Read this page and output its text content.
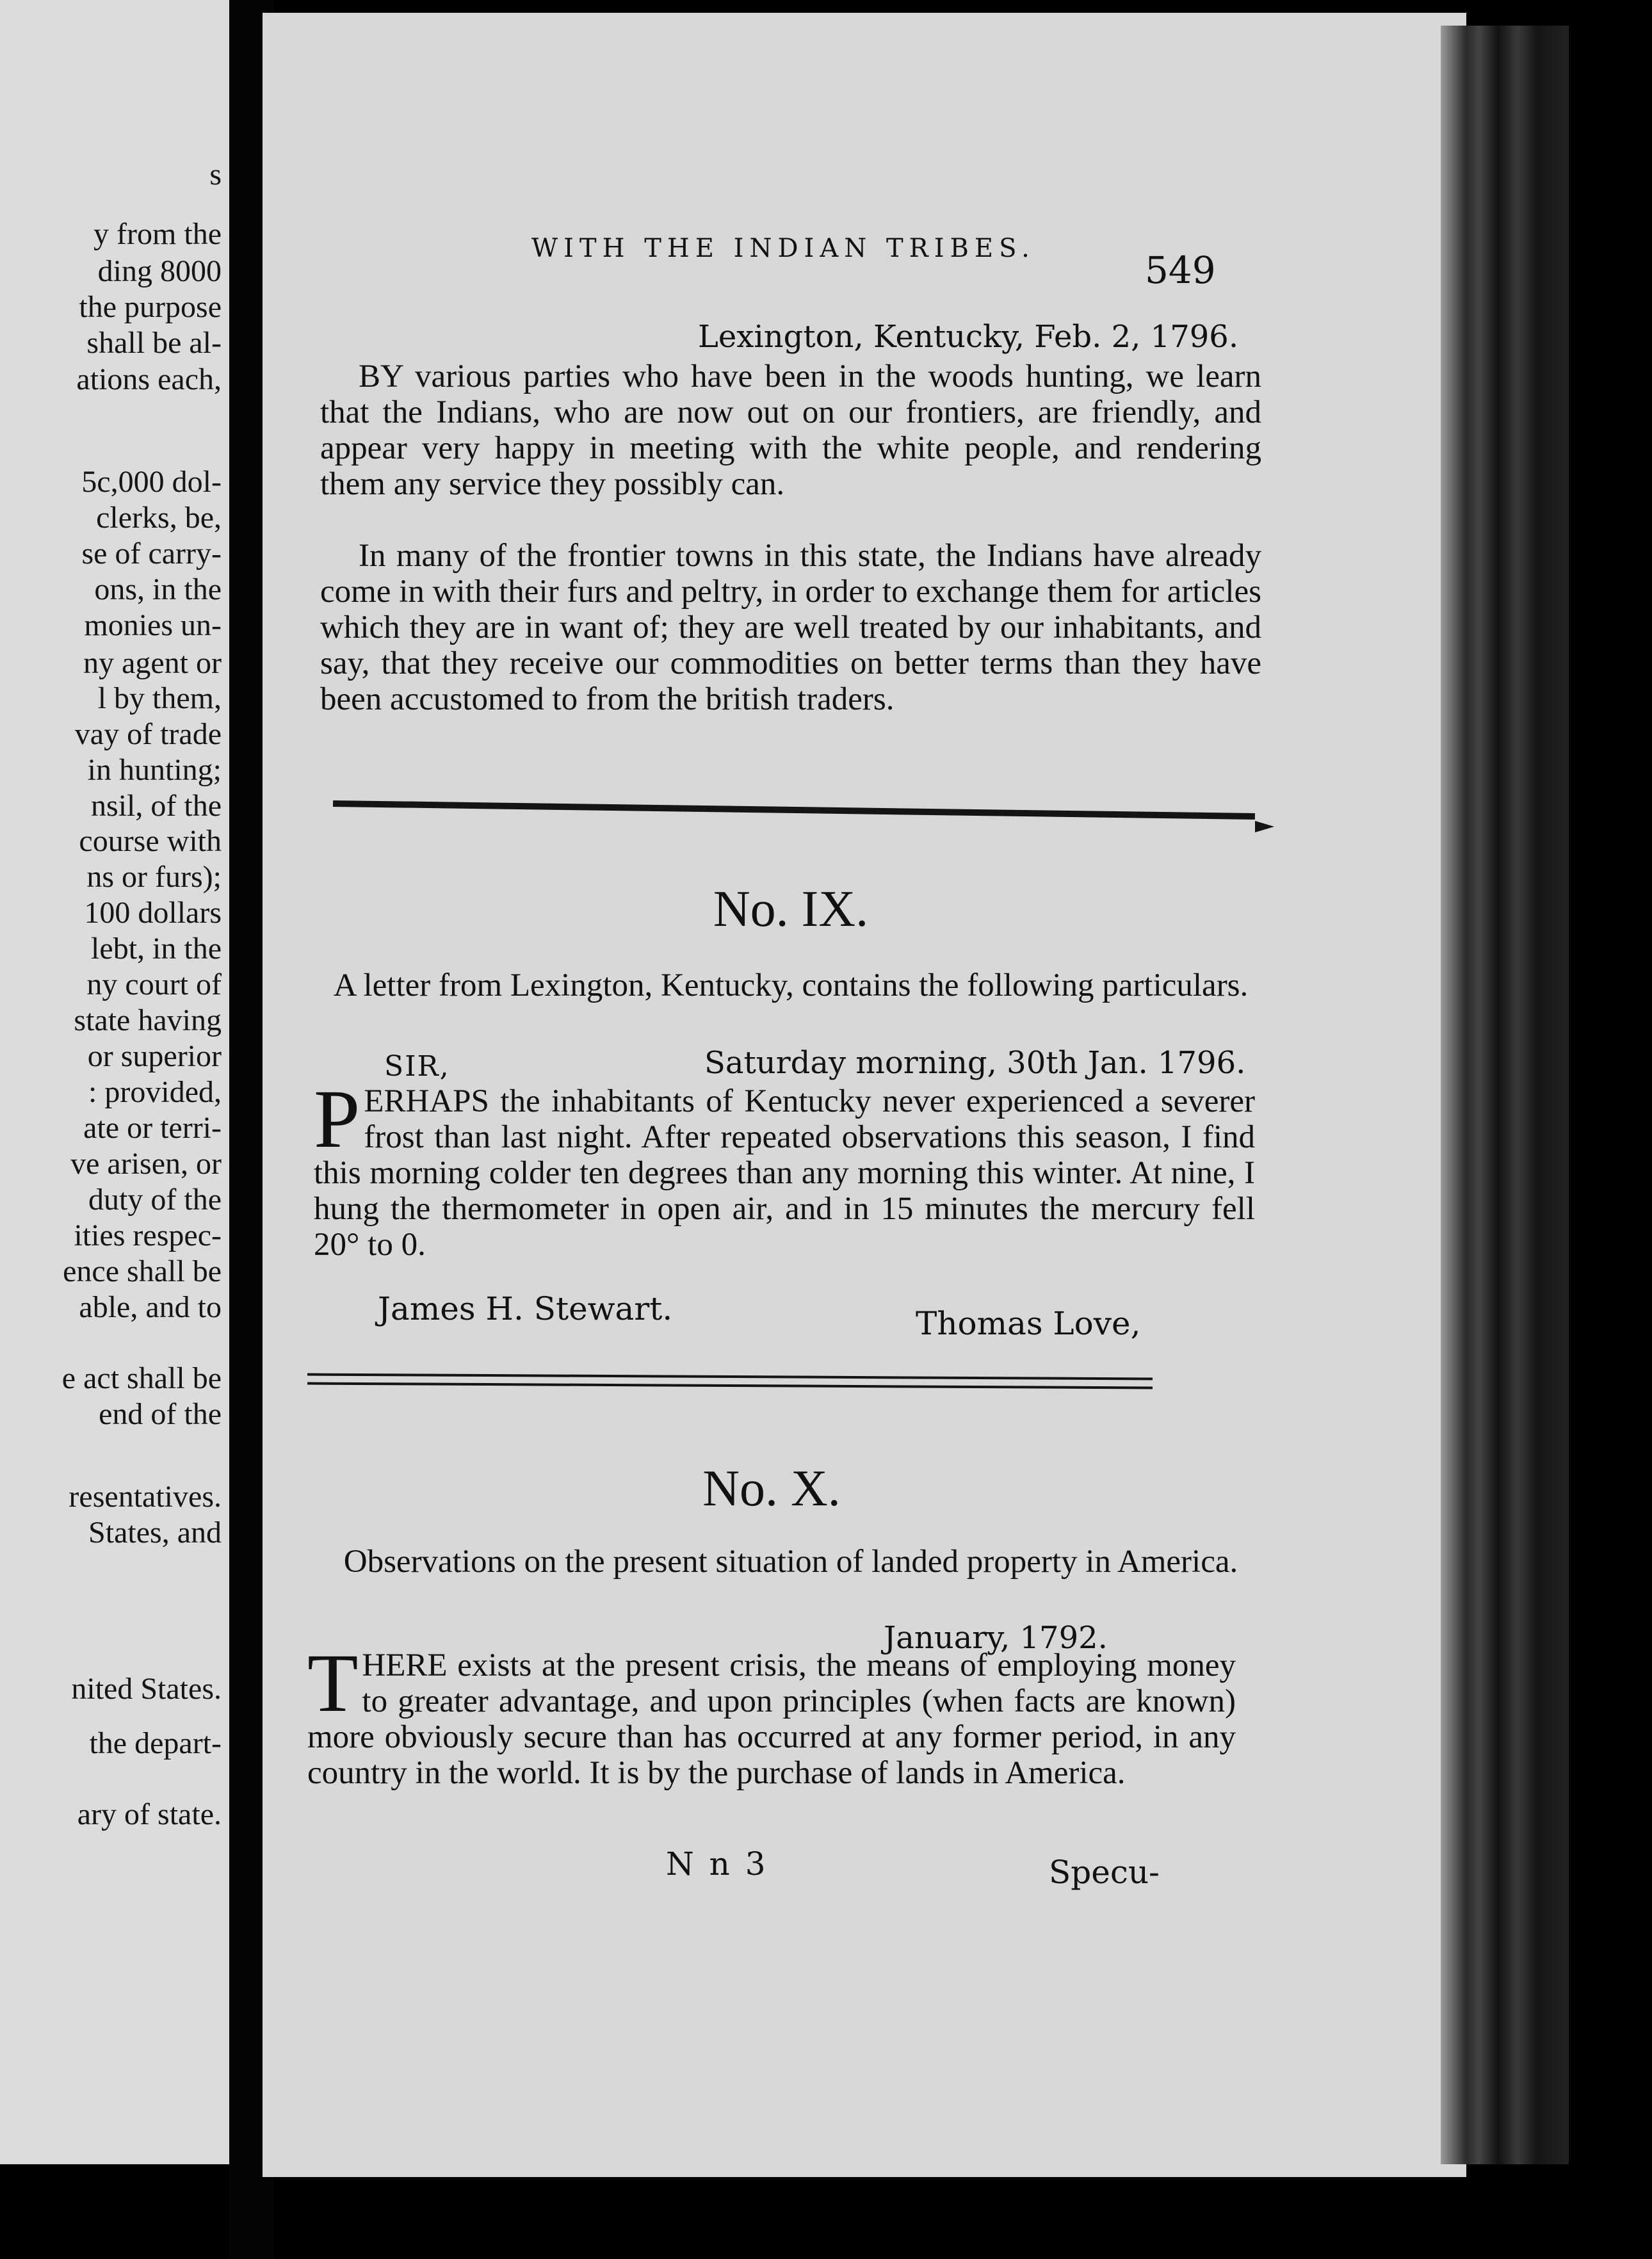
s
y from the
ding 8000
the purpose
shall be al-
ations each,
5c,000 dol-
clerks, be,
se of carry-
ons, in the
monies un-
ny agent or
l by them,
vay of trade
in hunting;
nsil, of the
course with
ns or furs);
100 dollars
lebt, in the
ny court of
state having
or superior
: provided,
ate or terri-
ve arisen, or
duty of the
ities respec-
ence shall be
able, and to
e act shall be
end of the
resentatives.
States, and
nited States.
the depart-
ary of state.
WITH THE INDIAN TRIBES.	549
Lexington, Kentucky, Feb. 2, 1796.
BY various parties who have been in the woods hunting, we learn that the Indians, who are now out on our frontiers, are friendly, and appear very happy in meeting with the white people, and rendering them any service they possibly can.
In many of the frontier towns in this state, the Indians have already come in with their furs and peltry, in order to exchange them for articles which they are in want of; they are well treated by our inhabitants, and say, that they receive our commodities on better terms than they have been accustomed to from the british traders.
No. IX.
A letter from Lexington, Kentucky, contains the following particulars.
SIR,	Saturday morning, 30th Jan. 1796.
PERHAPS the inhabitants of Kentucky never experienced a severer frost than last night. After repeated observations this season, I find this morning colder ten degrees than any morning this winter. At nine, I hung the thermometer in open air, and in 15 minutes the mercury fell 20° to 0.
James H. Stewart.	Thomas Love,
No. X.
Observations on the present situation of landed property in America.
January, 1792.
THERE exists at the present crisis, the means of employing money to greater advantage, and upon principles (when facts are known) more obviously secure than has occurred at any former period, in any country in the world. It is by the purchase of lands in America.
N n 3	Specu-
